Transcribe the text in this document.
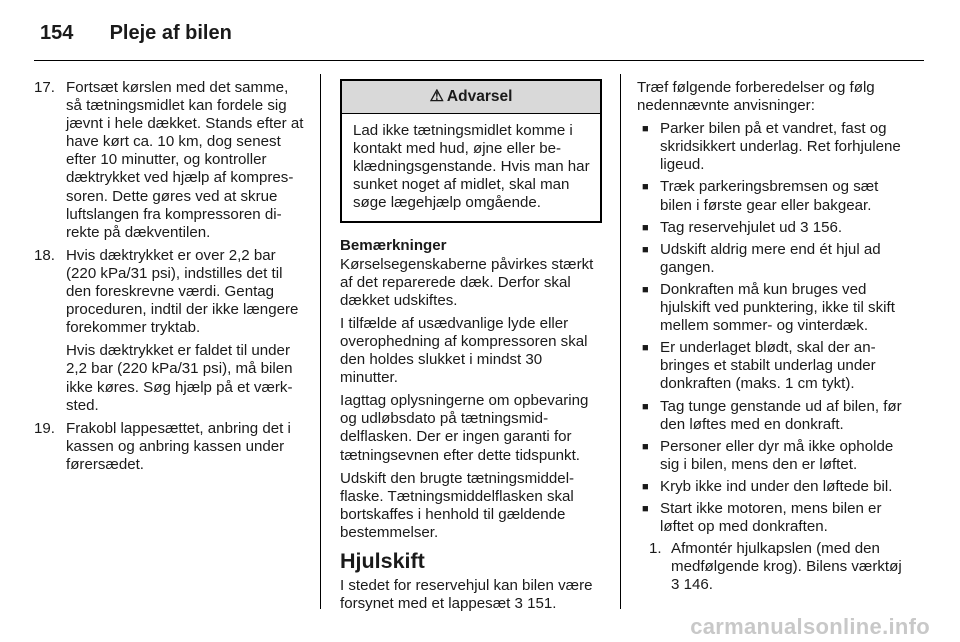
154 Pleje af bilen
17. Fortsæt kørslen med det samme, så tætningsmidlet kan fordele sig jævnt i hele dækket. Stands efter at have kørt ca. 10 km, dog senest efter 10 minutter, og kontroller dæktrykket ved hjælp af kompressoren. Dette gøres ved at skrue luftslangen fra kompressoren direkte på dækventilen.

18. Hvis dæktrykket er over 2,2 bar (220 kPa/31 psi), indstilles det til den foreskrevne værdi. Gentag proceduren, indtil der ikke længere forekommer tryktab.

Hvis dæktrykket er faldet til under 2,2 bar (220 kPa/31 psi), må bilen ikke køres. Søg hjælp på et værksted.

19. Frakobl lappesættet, anbring det i kassen og anbring kassen under førersædet.

⚠ Advarsel
Lad ikke tætningsmidlet komme i kontakt med hud, øjne eller beklædningsgenstande. Hvis man har sunket noget af midlet, skal man søge lægehjælp omgående.
Bemærkninger

Kørselsegenskaberne påvirkes stærkt af det reparerede dæk. Derfor skal dækket udskiftes.

I tilfælde af usædvanlige lyde eller overophedning af kompressoren skal den holdes slukket i mindst 30 minutter.

Iagttag oplysningerne om opbevaring og udløbsdato på tætningsmiddelflasken. Der er ingen garanti for tætningsevnen efter dette tidspunkt.

Udskift den brugte tætningsmiddelflaske. Tætningsmiddelflasken skal bortskaffes i henhold til gældende bestemmelser.

Hjulskift

I stedet for reservehjul kan bilen være forsynet med et lappesæt 3 151.

Træf følgende forberedelser og følg nedennævnte anvisninger:

■ Parker bilen på et vandret, fast og skridsikkert underlag. Ret forhjulene ligeud.
■ Træk parkeringsbremsen og sæt bilen i første gear eller bakgear.
■ Tag reservehjulet ud 3 156.
■ Udskift aldrig mere end ét hjul ad gangen.
■ Donkraften må kun bruges ved hjulskift ved punktering, ikke til skift mellem sommer- og vinterdæk.
■ Er underlaget blødt, skal der anbringes et stabilt underlag under donkraften (maks. 1 cm tykt).
■ Tag tunge genstande ud af bilen, før den løftes med en donkraft.
■ Personer eller dyr må ikke opholde sig i bilen, mens den er løftet.
■ Kryb ikke ind under den løftede bil.
■ Start ikke motoren, mens bilen er løftet op med donkraften.
1. Afmontér hjulkapslen (med den medfølgende krog). Bilens værktøj 3 146.
carmanualsonline.info
